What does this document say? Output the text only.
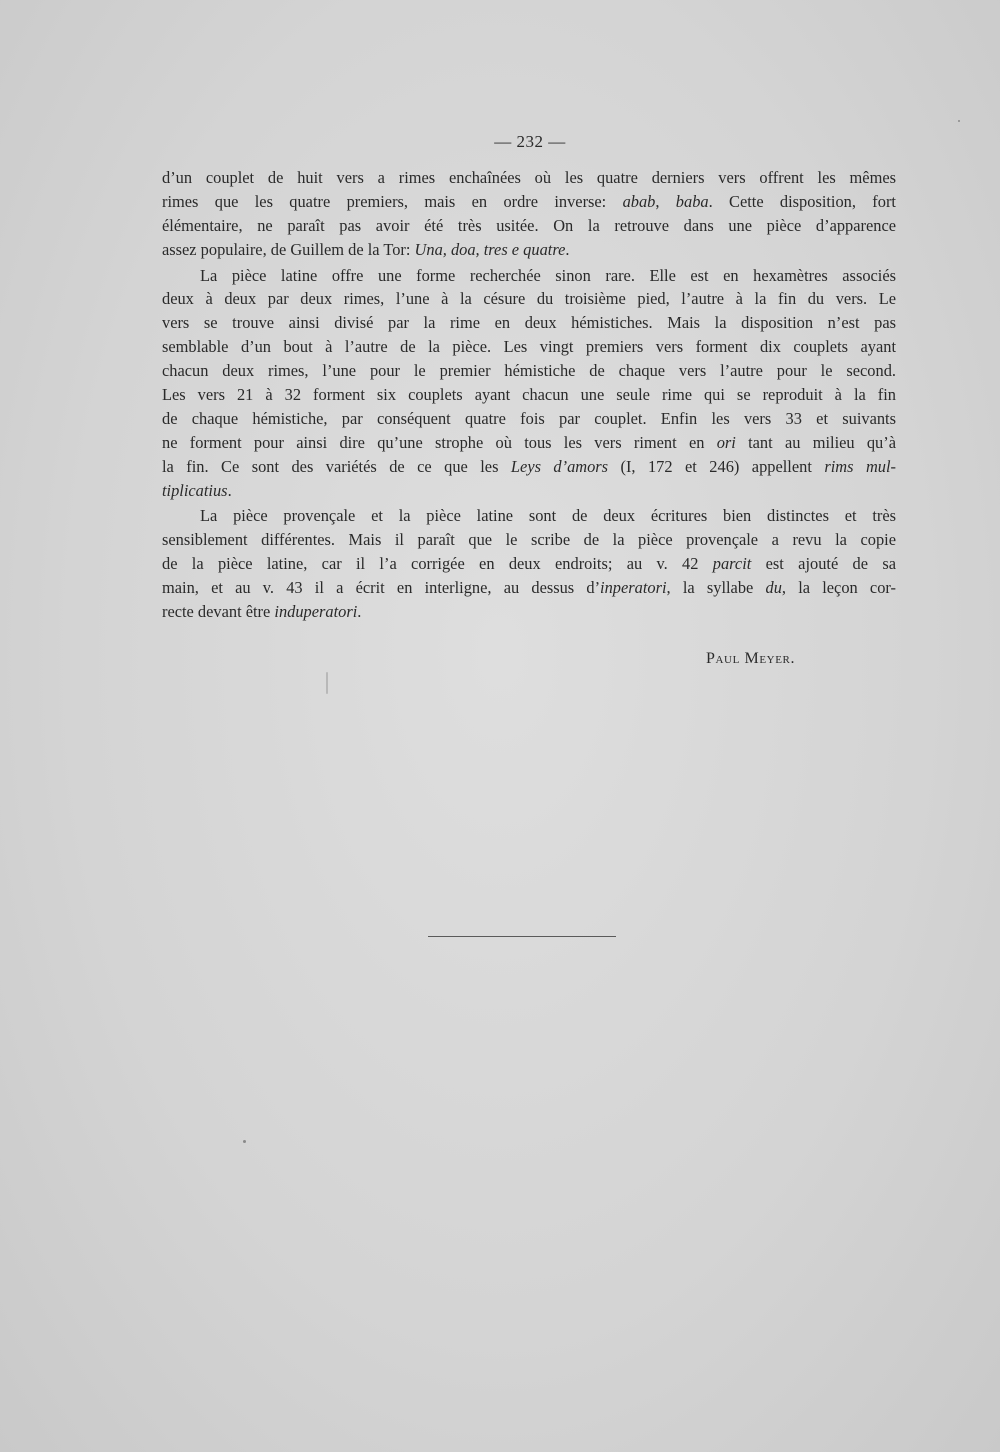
— 232 —
d’un couplet de huit vers a rimes enchaînées où les quatre derniers vers offrent les mêmes
rimes que les quatre premiers, mais en ordre inverse: abab, baba. Cette disposition, fort
élémentaire, ne paraît pas avoir été très usitée. On la retrouve dans une pièce d’apparence
assez populaire, de Guillem de la Tor: Una, doa, tres e quatre.
La pièce latine offre une forme recherchée sinon rare. Elle est en hexamètres associés
deux à deux par deux rimes, l’une à la césure du troisième pied, l’autre à la fin du vers. Le
vers se trouve ainsi divisé par la rime en deux hémistiches. Mais la disposition n’est pas
semblable d’un bout à l’autre de la pièce. Les vingt premiers vers forment dix couplets ayant
chacun deux rimes, l’une pour le premier hémistiche de chaque vers l’autre pour le second.
Les vers 21 à 32 forment six couplets ayant chacun une seule rime qui se reproduit à la fin
de chaque hémistiche, par conséquent quatre fois par couplet. Enfin les vers 33 et suivants
ne forment pour ainsi dire qu’une strophe où tous les vers riment en ori tant au milieu qu’à
la fin. Ce sont des variétés de ce que les Leys d’amors (I, 172 et 246) appellent rims mul-
tiplicatius.
La pièce provençale et la pièce latine sont de deux écritures bien distinctes et très
sensiblement différentes. Mais il paraît que le scribe de la pièce provençale a revu la copie
de la pièce latine, car il l’a corrigée en deux endroits; au v. 42 parcit est ajouté de sa
main, et au v. 43 il a écrit en interligne, au dessus d’inperatori, la syllabe du, la leçon cor-
recte devant être induperatori.
Paul Meyer.
